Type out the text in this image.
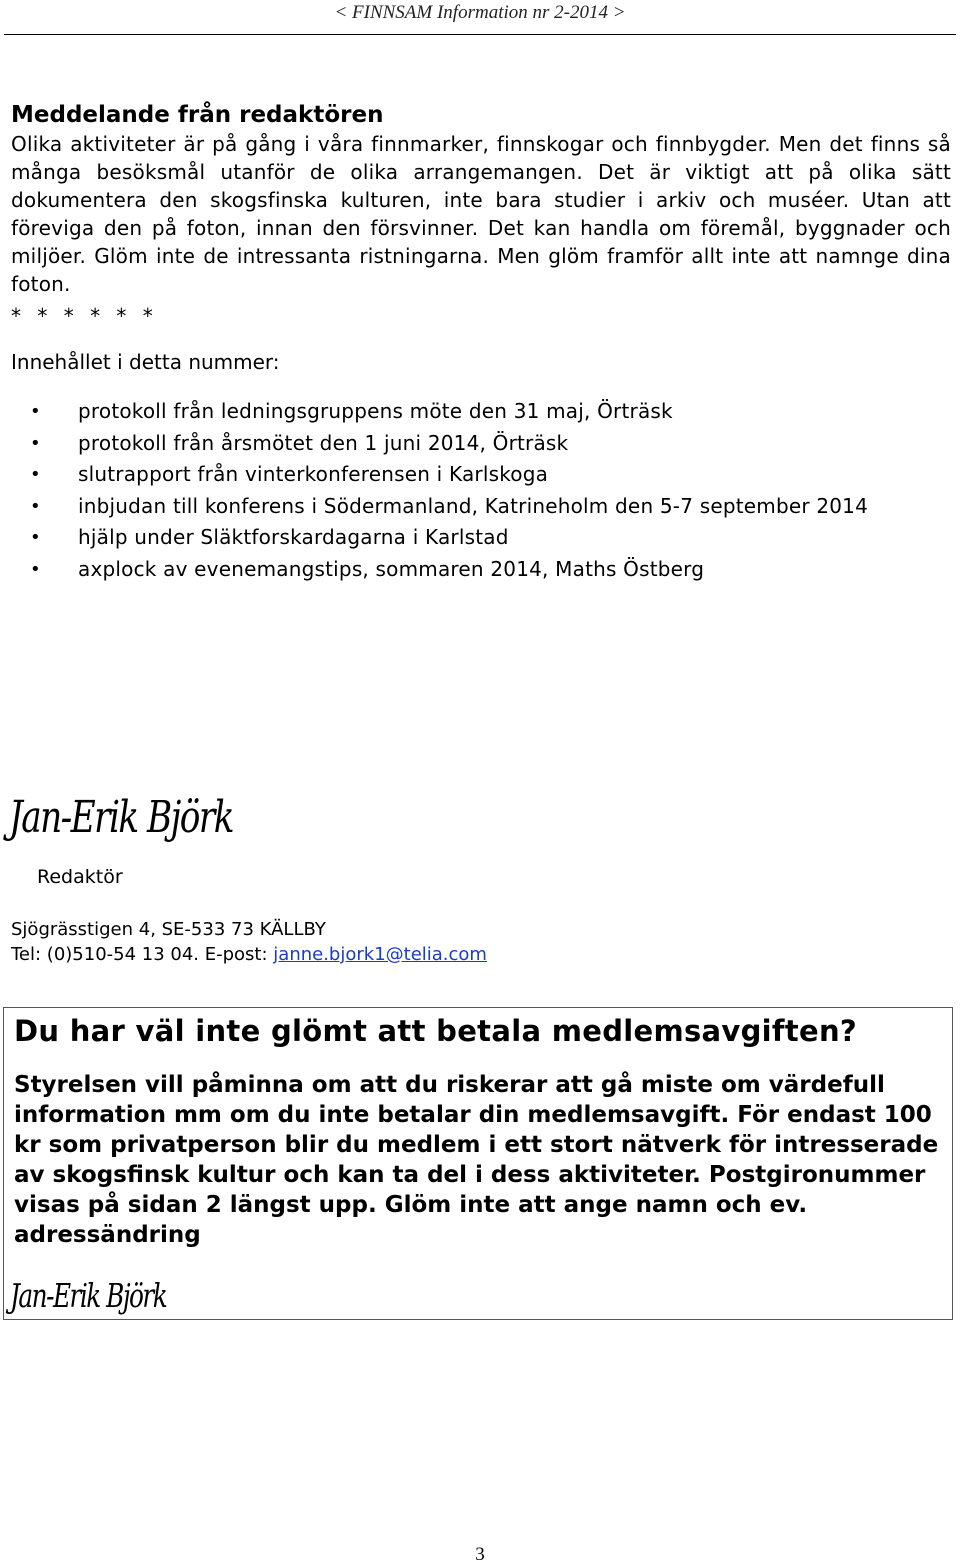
< FINNSAM Information nr 2-2014 >
Meddelande från redaktören

Olika aktiviteter är på gång i våra finnmarker, finnskogar och finnbygder. Men det finns så många besöksmål utanför de olika arrangemangen. Det är viktigt att på olika sätt dokumentera den skogsfinska kulturen, inte bara studier i arkiv och muséer. Utan att föreviga den på foton, innan den försvinner. Det kan handla om föremål, byggnader och miljöer. Glöm inte de intressanta ristningarna. Men glöm framför allt inte att namnge dina foton.

* * * * * *
Innehållet i detta nummer:
• protokoll från ledningsgruppens möte den 31 maj, Örträsk
• protokoll från årsmötet den 1 juni 2014, Örträsk
• slutrapport från vinterkonferensen i Karlskoga
• inbjudan till konferens i Södermanland, Katrineholm den 5-7 september 2014
• hjälp under Släktforskardagarna i Karlstad
• axplock av evenemangstips, sommaren 2014, Maths Östberg
Jan-Erik Björk
Redaktör
Sjögrässtigen 4, SE-533 73 KÄLLBY
Tel: (0)510-54 13 04. E-post: janne.bjork1@telia.com
Du har väl inte glömt att betala medlemsavgiften?
Styrelsen vill påminna om att du riskerar att gå miste om värdefull information mm om du inte betalar din medlemsavgift. För endast 100 kr som privatperson blir du medlem i ett stort nätverk för intresserade av skogsfinsk kultur och kan ta del i dess aktiviteter. Postgironummer visas på sidan 2 längst upp. Glöm inte att ange namn och ev. adressändring
Jan-Erik Björk
3
